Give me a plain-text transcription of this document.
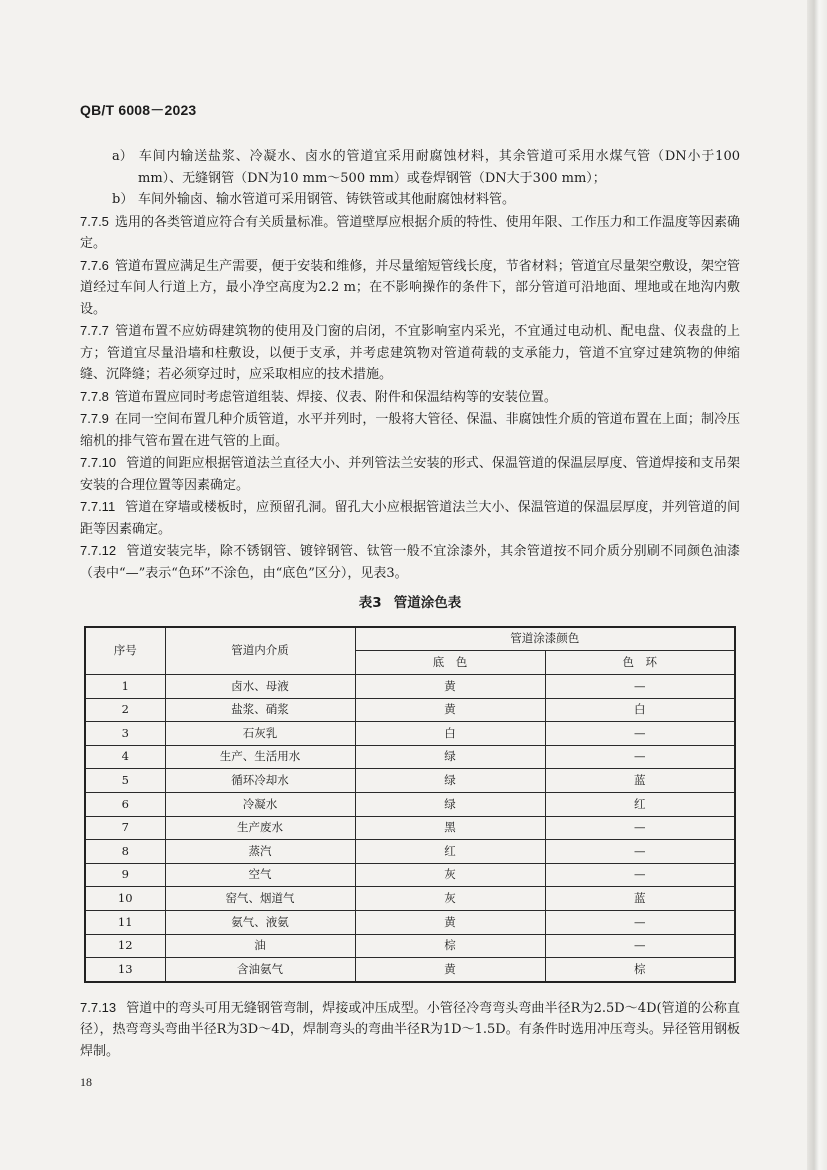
QB/T 6008－2023

a） 车间内输送盐浆、冷凝水、卤水的管道宜采用耐腐蚀材料，其余管道可采用水煤气管（DN小于100 mm）、无缝钢管（DN为10 mm～500 mm）或卷焊钢管（DN大于300 mm）；

b） 车间外输卤、输水管道可采用钢管、铸铁管或其他耐腐蚀材料管。

7.7.5 选用的各类管道应符合有关质量标准。管道壁厚应根据介质的特性、使用年限、工作压力和工作温度等因素确定。

7.7.6 管道布置应满足生产需要，便于安装和维修，并尽量缩短管线长度，节省材料；管道宜尽量架空敷设，架空管道经过车间人行道上方，最小净空高度为2.2 m；在不影响操作的条件下，部分管道可沿地面、埋地或在地沟内敷设。

7.7.7 管道布置不应妨碍建筑物的使用及门窗的启闭，不宜影响室内采光，不宜通过电动机、配电盘、仪表盘的上方；管道宜尽量沿墙和柱敷设，以便于支承，并考虑建筑物对管道荷载的支承能力，管道不宜穿过建筑物的伸缩缝、沉降缝；若必须穿过时，应采取相应的技术措施。

7.7.8 管道布置应同时考虑管道组装、焊接、仪表、附件和保温结构等的安装位置。

7.7.9 在同一空间布置几种介质管道，水平并列时，一般将大管径、保温、非腐蚀性介质的管道布置在上面；制冷压缩机的排气管布置在进气管的上面。

7.7.10 管道的间距应根据管道法兰直径大小、并列管法兰安装的形式、保温管道的保温层厚度、管道焊接和支吊架安装的合理位置等因素确定。

7.7.11 管道在穿墙或楼板时，应预留孔洞。留孔大小应根据管道法兰大小、保温管道的保温层厚度，并列管道的间距等因素确定。

7.7.12 管道安装完毕，除不锈钢管、镀锌钢管、钛管一般不宜涂漆外，其余管道按不同介质分别刷不同颜色油漆（表中“—”表示“色环”不涂色，由“底色”区分），见表3。

表3 管道涂色表
序号	管道内介质	管道涂漆颜色	
		底　色	色　环
1	卤水、母液	黄	—
2	盐浆、硝浆	黄	白
3	石灰乳	白	—
4	生产、生活用水	绿	—
5	循环冷却水	绿	蓝
6	冷凝水	绿	红
7	生产废水	黑	—
8	蒸汽	红	—
9	空气	灰	—
10	窑气、烟道气	灰	蓝
11	氨气、液氨	黄	—
12	油	棕	—
13	含油氨气	黄	棕

7.7.13 管道中的弯头可用无缝钢管弯制，焊接或冲压成型。小管径冷弯弯头弯曲半径R为2.5D～4D(管道的公称直径），热弯弯头弯曲半径R为3D～4D，焊制弯头的弯曲半径R为1D～1.5D。有条件时选用冲压弯头。异径管用钢板焊制。

18
